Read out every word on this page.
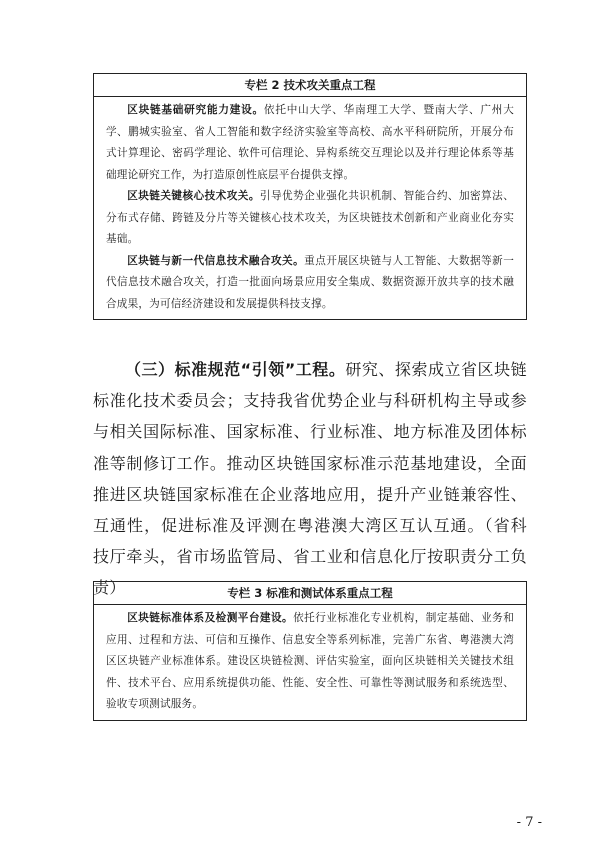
专栏 2 技术攻关重点工程

区块链基础研究能力建设。依托中山大学、华南理工大学、暨南大学、广州大学、鹏城实验室、省人工智能和数字经济实验室等高校、高水平科研院所，开展分布式计算理论、密码学理论、软件可信理论、异构系统交互理论以及并行理论体系等基础理论研究工作，为打造原创性底层平台提供支撑。

区块链关键核心技术攻关。引导优势企业强化共识机制、智能合约、加密算法、分布式存储、跨链及分片等关键核心技术攻关，为区块链技术创新和产业商业化夯实基础。

区块链与新一代信息技术融合攻关。重点开展区块链与人工智能、大数据等新一代信息技术融合攻关，打造一批面向场景应用安全集成、数据资源开放共享的技术融合成果，为可信经济建设和发展提供科技支撑。

（三）标准规范“引领”工程。研究、探索成立省区块链标准化技术委员会；支持我省优势企业与科研机构主导或参与相关国际标准、国家标准、行业标准、地方标准及团体标准等制修订工作。推动区块链国家标准示范基地建设，全面推进区块链国家标准在企业落地应用，提升产业链兼容性、互通性，促进标准及评测在粤港澳大湾区互认互通。（省科技厅牵头，省市场监管局、省工业和信息化厅按职责分工负责）	专栏 3 标准和测试体系重点工程

区块链标准体系及检测平台建设。依托行业标准化专业机构，制定基础、业务和应用、过程和方法、可信和互操作、信息安全等系列标准，完善广东省、粤港澳大湾区区块链产业标准体系。建设区块链检测、评估实验室，面向区块链相关关键技术组件、技术平台、应用系统提供功能、性能、安全性、可靠性等测试服务和系统选型、验收专项测试服务。

- 7 -
